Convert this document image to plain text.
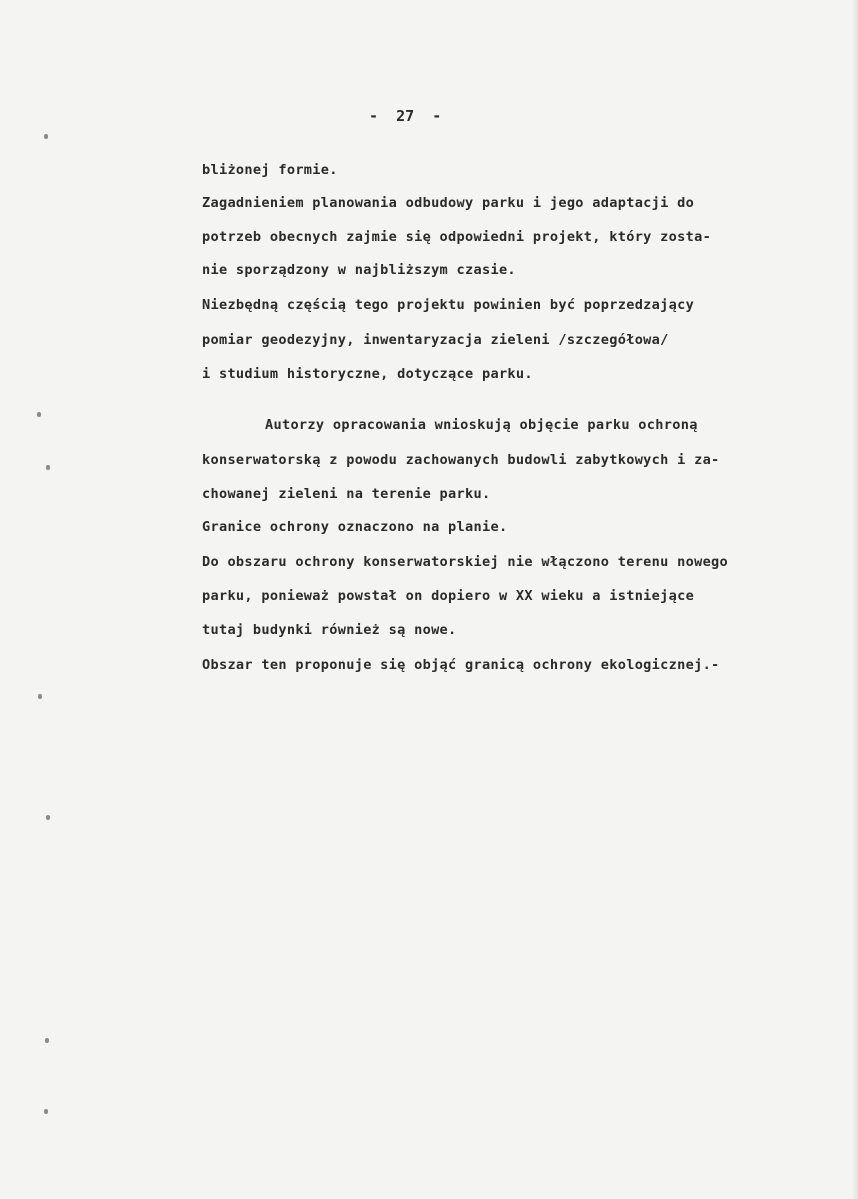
-  27  -
bliżonej formie.
Zagadnieniem planowania odbudowy parku i jego adaptacji do
potrzeb obecnych zajmie się odpowiedni projekt, który zosta-
nie sporządzony w najbliższym czasie.
Niezbędną częścią tego projektu powinien być poprzedzający
pomiar geodezyjny, inwentaryzacja zieleni /szczegółowa/
i studium historyczne, dotyczące parku.
Autorzy opracowania wnioskują objęcie parku ochroną
konserwatorską z powodu zachowanych budowli zabytkowych i za-
chowanej zieleni na terenie parku.
Granice ochrony oznaczono na planie.
Do obszaru ochrony konserwatorskiej nie włączono terenu nowego
parku, ponieważ powstał on dopiero w XX wieku a istniejące
tutaj budynki również są nowe.
Obszar ten proponuje się objąć granicą ochrony ekologicznej.-
